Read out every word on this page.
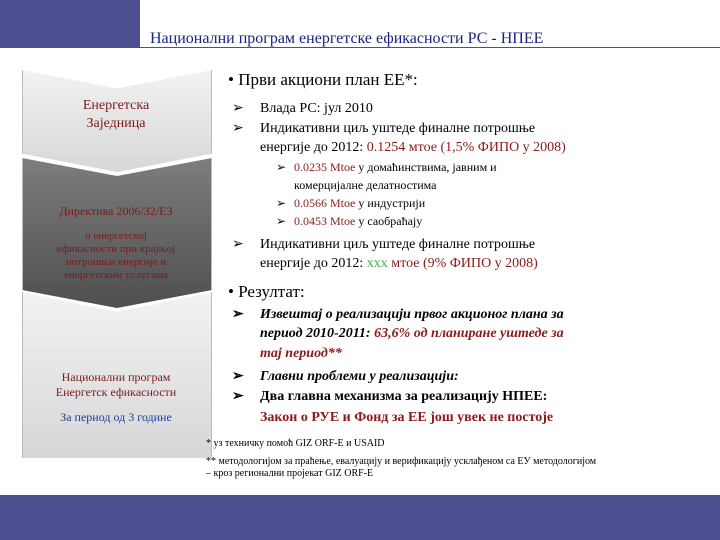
Национални програм енергетске ефикасности РС - НПЕЕ
Енергетска
Заједница
Директива 2006/32/ЕЗ
о енергетској
ефикасности при крајњој
потрошњи енергије и
енергетским услугама
Национални програм
Енергетск ефикасности
За период од 3 године
• Први акциони план ЕЕ*:
➢ Влада РС: јул 2010
➢ Индикативни циљ уштеде финалне потрошње
енергије до 2012: 0.1254 мтое (1,5% ФИПО у 2008)
➢ 0.0235 Мtoe у домаћинствима, јавним и
комерцијалне делатностима
➢ 0.0566 Мtoe у индустрији
➢ 0.0453 Мtoe у саобраћају
➢ Индикативни циљ уштеде финалне потрошње
енергије до 2012: xxx мтое (9% ФИПО у 2008)
• Резултат:
➢ Извештај о реализацији првог акционог плана за
период 2010-2011: 63,6% од планиране уштеде за
тај период**
➢ Главни проблеми у реализацији:
➢ Два главна механизма за реализацију НПЕЕ:
Закон о РУЕ и Фонд за ЕЕ још увек не постоје
* уз техничку помоћ GIZ ORF-E и USAID
** методологијом за праћење, евалуацију и верификацију усклађеном са ЕУ методологијом
– кроз регионални пројекат GIZ ORF-E
